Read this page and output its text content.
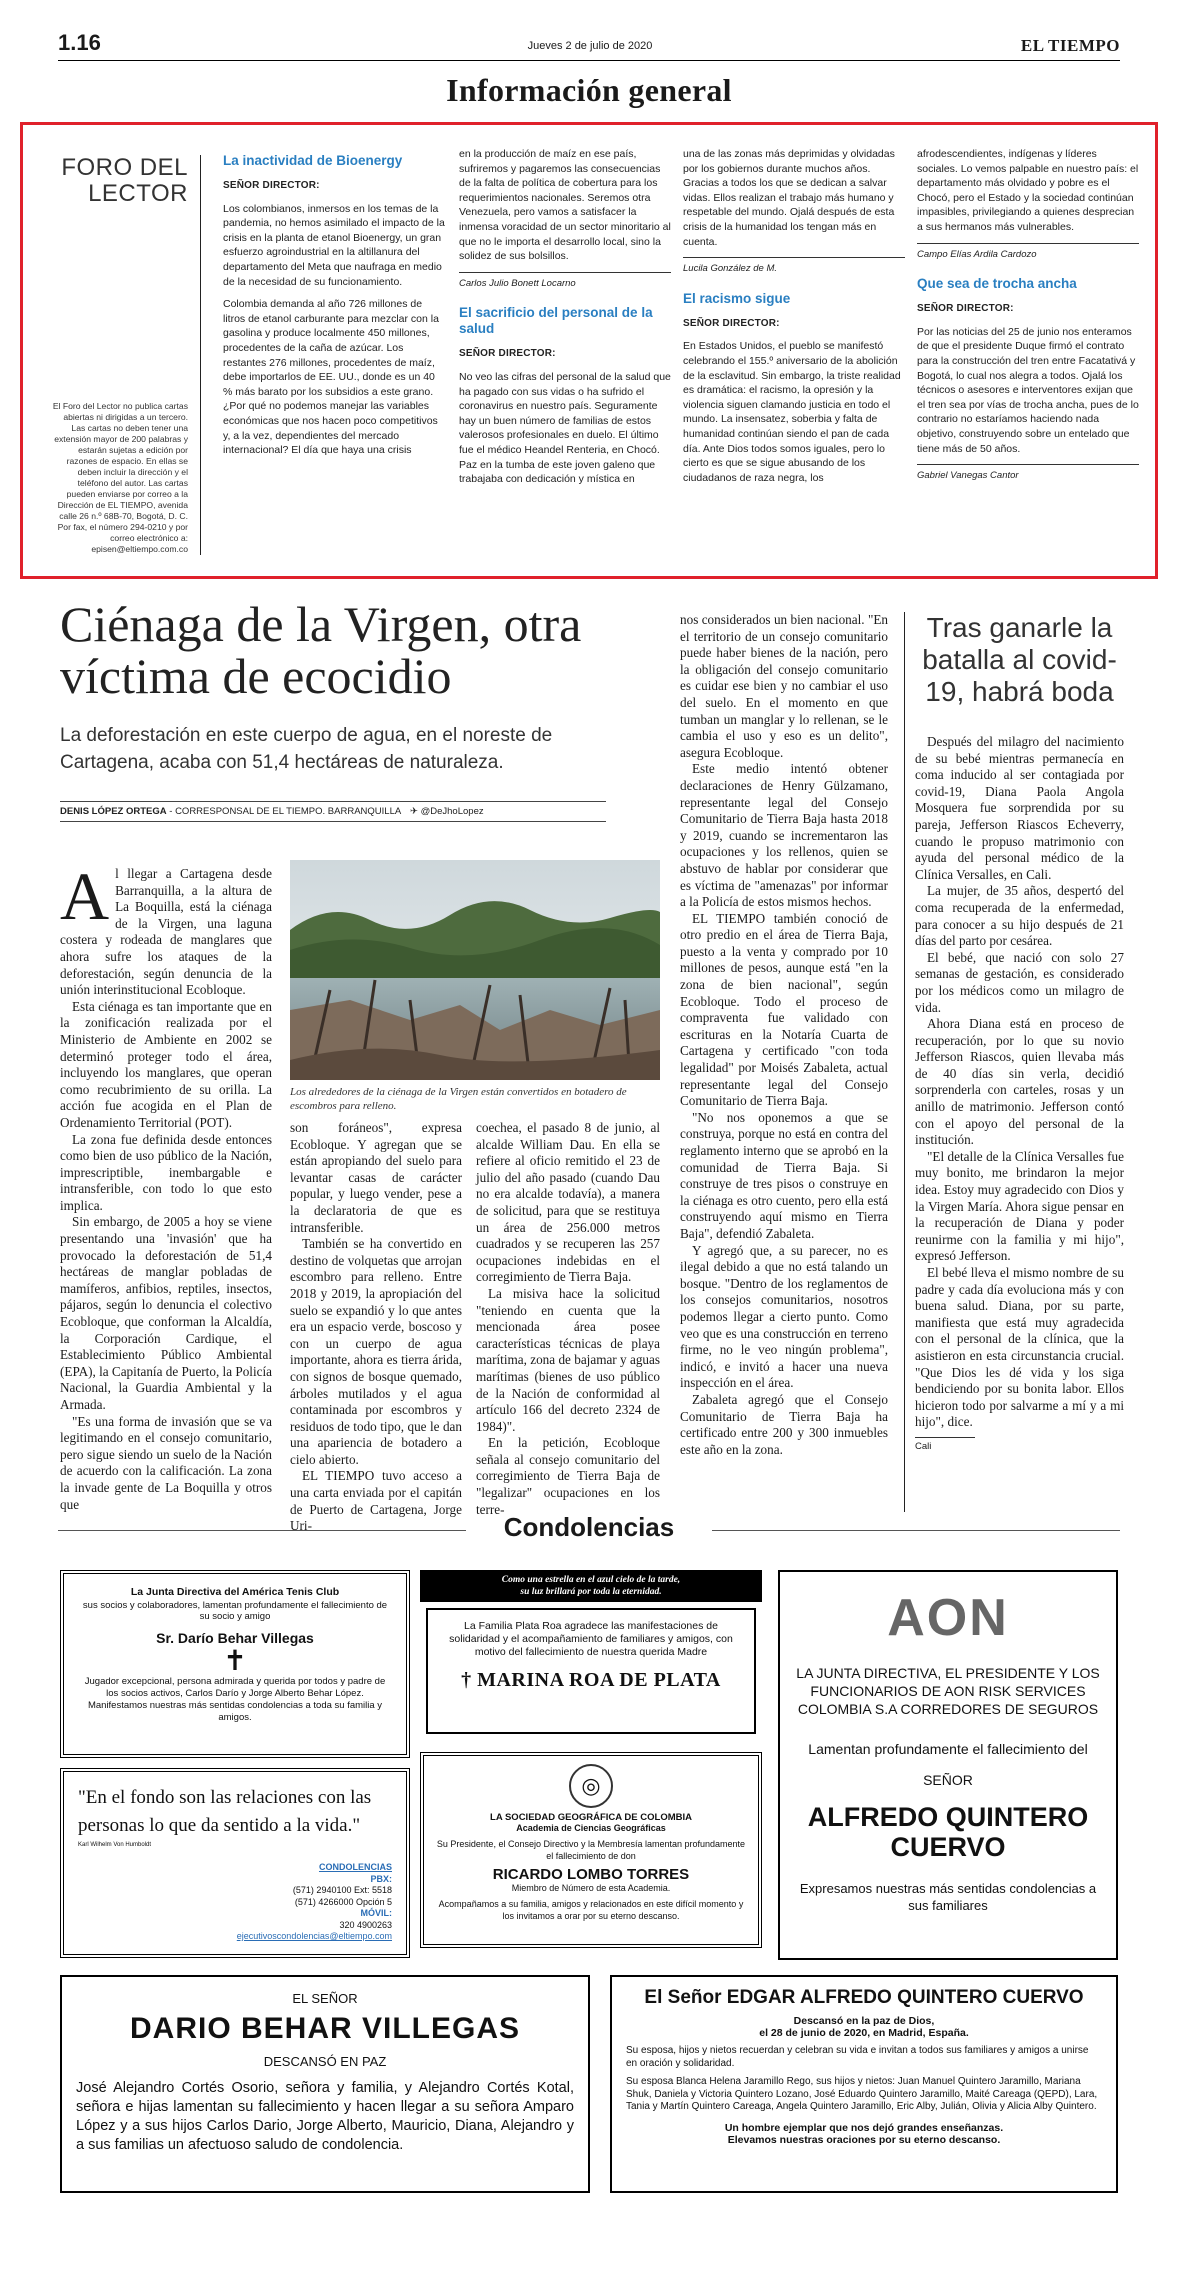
1.16	Jueves 2 de julio de 2020	EL TIEMPO
Información general
FORO DEL LECTOR
El Foro del Lector no publica cartas abiertas ni dirigidas a un tercero. Las cartas no deben tener una extensión mayor de 200 palabras y estarán sujetas a edición por razones de espacio. En ellas se deben incluir la dirección y el teléfono del autor. Las cartas pueden enviarse por correo a la Dirección de EL TIEMPO, avenida calle 26 n.º 68B-70, Bogotá, D. C. Por fax, el número 294-0210 y por correo electrónico a: episen@eltiempo.com.co
La inactividad de Bioenergy
SEÑOR DIRECTOR:

Los colombianos, inmersos en los temas de la pandemia, no hemos asimilado el impacto de la crisis en la planta de etanol Bioenergy, un gran esfuerzo agroindustrial en la altillanura del departamento del Meta que naufraga en medio de la necesidad de su funcionamiento.

Colombia demanda al año 726 millones de litros de etanol carburante para mezclar con la gasolina y produce localmente 450 millones, procedentes de la caña de azúcar. Los restantes 276 millones, procedentes de maíz, debe importarlos de EE. UU., donde es un 40 % más barato por los subsidios a este grano. ¿Por qué no podemos manejar las variables económicas que nos hacen poco competitivos y, a la vez, dependientes del mercado internacional? El día que haya una crisis

en la producción de maíz en ese país, sufriremos y pagaremos las consecuencias de la falta de política de cobertura para los requerimientos nacionales. Seremos otra Venezuela, pero vamos a satisfacer la inmensa voracidad de un sector minoritario al que no le importa el desarrollo local, sino la solidez de sus bolsillos.

Carlos Julio Bonett Locarno
El sacrificio del personal de la salud
SEÑOR DIRECTOR:

No veo las cifras del personal de la salud que ha pagado con sus vidas o ha sufrido el coronavirus en nuestro país. Seguramente hay un buen número de familias de estos valerosos profesionales en duelo. El último fue el médico Heandel Renteria, en Chocó. Paz en la tumba de este joven galeno que trabajaba con dedicación y mística en

una de las zonas más deprimidas y olvidadas por los gobiernos durante muchos años. Gracias a todos los que se dedican a salvar vidas. Ellos realizan el trabajo más humano y respetable del mundo. Ojalá después de esta crisis de la humanidad los tengan más en cuenta.

Lucila González de M.
El racismo sigue
SEÑOR DIRECTOR:

En Estados Unidos, el pueblo se manifestó celebrando el 155.º aniversario de la abolición de la esclavitud. Sin embargo, la triste realidad es dramática: el racismo, la opresión y la violencia siguen clamando justicia en todo el mundo. La insensatez, soberbia y falta de humanidad continúan siendo el pan de cada día. Ante Dios todos somos iguales, pero lo cierto es que se sigue abusando de los ciudadanos de raza negra, los

afrodescendientes, indígenas y líderes sociales. Lo vemos palpable en nuestro país: el departamento más olvidado y pobre es el Chocó, pero el Estado y la sociedad continúan impasibles, privilegiando a quienes desprecian a sus hermanos más vulnerables.

Campo Elías Ardila Cardozo
Que sea de trocha ancha
SEÑOR DIRECTOR:

Por las noticias del 25 de junio nos enteramos de que el presidente Duque firmó el contrato para la construcción del tren entre Facatativá y Bogotá, lo cual nos alegra a todos. Ojalá los técnicos o asesores e interventores exijan que el tren sea por vías de trocha ancha, pues de lo contrario no estaríamos haciendo nada objetivo, construyendo sobre un entelado que tiene más de 50 años.

Gabriel Vanegas Cantor
Ciénaga de la Virgen, otra víctima de ecocidio
La deforestación en este cuerpo de agua, en el noreste de Cartagena, acaba con 51,4 hectáreas de naturaleza.
DENIS LÓPEZ ORTEGA - CORRESPONSAL DE EL TIEMPO. BARRANQUILLA ✈ @DeJhoLopez

Al llegar a Cartagena desde Barranquilla, a la altura de La Boquilla, está la ciénaga de la Virgen, una laguna costera y rodeada de manglares que ahora sufre los ataques de la deforestación, según denuncia de la unión interinstitucional Ecobloque.

Esta ciénaga es tan importante que en la zonificación realizada por el Ministerio de Ambiente en 2002 se determinó proteger todo el área, incluyendo los manglares, que operan como recubrimiento de su orilla. La acción fue acogida en el Plan de Ordenamiento Territorial (POT).

La zona fue definida desde entonces como bien de uso público de la Nación, imprescriptible, inembargable e intransferible, con todo lo que esto implica.

Sin embargo, de 2005 a hoy se viene presentando una 'invasión' que ha provocado la deforestación de 51,4 hectáreas de manglar pobladas de mamíferos, anfibios, reptiles, insectos, pájaros, según lo denuncia el colectivo Ecobloque, que conforman la Alcaldía, la Corporación Cardique, el Establecimiento Público Ambiental (EPA), la Capitanía de Puerto, la Policía Nacional, la Guardia Ambiental y la Armada.

"Es una forma de invasión que se va legitimando en el consejo comunitario, pero sigue siendo un suelo de la Nación de acuerdo con la calificación. La zona la invade gente de La Boquilla y otros que

Los alrededores de la ciénaga de la Virgen están convertidos en botadero de escombros para relleno.

son foráneos", expresa Ecobloque. Y agregan que se están apropiando del suelo para levantar casas de carácter popular, y luego vender, pese a la declaratoria de que es intransferible.

También se ha convertido en destino de volquetas que arrojan escombro para relleno. Entre 2018 y 2019, la apropiación del suelo se expandió y lo que antes era un espacio verde, boscoso y con un cuerpo de agua importante, ahora es tierra árida, con signos de bosque quemado, árboles mutilados y el agua contaminada por escombros y residuos de todo tipo, que le dan una apariencia de botadero a cielo abierto.

EL TIEMPO tuvo acceso a una carta enviada por el capitán de Puerto de Cartagena, Jorge Uri-

coechea, el pasado 8 de junio, al alcalde William Dau. En ella se refiere al oficio remitido el 23 de julio del año pasado (cuando Dau no era alcalde todavía), a manera de solicitud, para que se restituya un área de 256.000 metros cuadrados y se recuperen las 257 ocupaciones indebidas en el corregimiento de Tierra Baja.

La misiva hace la solicitud "teniendo en cuenta que la mencionada área posee características técnicas de playa marítima, zona de bajamar y aguas marítimas (bienes de uso público de la Nación de conformidad al artículo 166 del decreto 2324 de 1984)".

En la petición, Ecobloque señala al consejo comunitario del corregimiento de Tierra Baja de "legalizar" ocupaciones en los terre-

nos considerados un bien nacional. "En el territorio de un consejo comunitario puede haber bienes de la nación, pero la obligación del consejo comunitario es cuidar ese bien y no cambiar el uso del suelo. En el momento en que tumban un manglar y lo rellenan, se le cambia el uso y eso es un delito", asegura Ecobloque.

Este medio intentó obtener declaraciones de Henry Gülzamano, representante legal del Consejo Comunitario de Tierra Baja hasta 2018 y 2019, cuando se incrementaron las ocupaciones y los rellenos, quien se abstuvo de hablar por considerar que es víctima de "amenazas" por informar a la Policía de estos mismos hechos.

EL TIEMPO también conoció de otro predio en el área de Tierra Baja, puesto a la venta y comprado por 10 millones de pesos, aunque está "en la zona de bien nacional", según Ecobloque. Todo el proceso de compraventa fue validado con escrituras en la Notaría Cuarta de Cartagena y certificado "con toda legalidad" por Moisés Zabaleta, actual representante legal del Consejo Comunitario de Tierra Baja.

"No nos oponemos a que se construya, porque no está en contra del reglamento interno que se aprobó en la comunidad de Tierra Baja. Si construye de tres pisos o construye en la ciénaga es otro cuento, pero ella está construyendo aquí mismo en Tierra Baja", defendió Zabaleta.

Y agregó que, a su parecer, no es ilegal debido a que no está talando un bosque. "Dentro de los reglamentos de los consejos comunitarios, nosotros podemos llegar a cierto punto. Como veo que es una construcción en terreno firme, no le veo ningún problema", indicó, e invitó a hacer una nueva inspección en el área.

Zabaleta agregó que el Consejo Comunitario de Tierra Baja ha certificado entre 200 y 300 inmuebles este año en la zona.

Tras ganarle la batalla al covid-19, habrá boda

Después del milagro del nacimiento de su bebé mientras permanecía en coma inducido al ser contagiada por covid-19, Diana Paola Angola Mosquera fue sorprendida por su pareja, Jefferson Riascos Echeverry, cuando le propuso matrimonio con ayuda del personal médico de la Clínica Versalles, en Cali.

La mujer, de 35 años, despertó del coma recuperada de la enfermedad, para conocer a su hijo después de 21 días del parto por cesárea.

El bebé, que nació con solo 27 semanas de gestación, es considerado por los médicos como un milagro de vida.

Ahora Diana está en proceso de recuperación, por lo que su novio Jefferson Riascos, quien llevaba más de 40 días sin verla, decidió sorprenderla con carteles, rosas y un anillo de matrimonio. Jefferson contó con el apoyo del personal de la institución.

"El detalle de la Clínica Versalles fue muy bonito, me brindaron la mejor idea. Estoy muy agradecido con Dios y la Virgen María. Ahora sigue pensar en la recuperación de Diana y poder reunirme con la familia y mi hijo", expresó Jefferson.

El bebé lleva el mismo nombre de su padre y cada día evoluciona más y con buena salud. Diana, por su parte, manifiesta que está muy agradecida con el personal de la clínica, que la asistieron en esta circunstancia crucial. "Que Dios les dé vida y los siga bendiciendo por su bonita labor. Ellos hicieron todo por salvarme a mí y a mi hijo", dice.

Cali
Condolencias
La Junta Directiva del América Tenis Club
sus socios y colaboradores, lamentan profundamente el fallecimiento de su socio y amigo
Sr. Darío Behar Villegas
✝
Jugador excepcional, persona admirada y querida por todos y padre de los socios activos, Carlos Darío y Jorge Alberto Behar López. Manifestamos nuestras más sentidas condolencias a toda su familia y amigos.
"En el fondo son las relaciones con las personas lo que da sentido a la vida."
Karl Wilhelm Von Humboldt
CONDOLENCIAS
PBX:
(571) 2940100 Ext: 5518
(571) 4266000 Opción 5
MÓVIL:
320 4900263
ejecutivoscondolencias@eltiempo.com
Como una estrella en el azul cielo de la tarde,
su luz brillará por toda la eternidad.
La Familia Plata Roa agradece las manifestaciones de solidaridad y el acompañamiento de familiares y amigos, con motivo del fallecimiento de nuestra querida Madre
† MARINA ROA DE PLATA
◎
LA SOCIEDAD GEOGRÁFICA DE COLOMBIA
Academia de Ciencias Geográficas
Su Presidente, el Consejo Directivo y la Membresía lamentan profundamente el fallecimiento de don
RICARDO LOMBO TORRES
Miembro de Número de esta Academia.
Acompañamos a su familia, amigos y relacionados en este difícil momento y los invitamos a orar por su eterno descanso.
AON
LA JUNTA DIRECTIVA, EL PRESIDENTE Y LOS FUNCIONARIOS DE AON RISK SERVICES COLOMBIA S.A CORREDORES DE SEGUROS
Lamentan profundamente el fallecimiento del
SEÑOR
ALFREDO QUINTERO CUERVO
Expresamos nuestras más sentidas condolencias a sus familiares
EL SEÑOR
DARIO BEHAR VILLEGAS
DESCANSÓ EN PAZ
José Alejandro Cortés Osorio, señora y familia, y Alejandro Cortés Kotal, señora e hijas lamentan su fallecimiento y hacen llegar a su señora Amparo López y a sus hijos Carlos Dario, Jorge Alberto, Mauricio, Diana, Alejandro y a sus familias un afectuoso saludo de condolencia.
El Señor EDGAR ALFREDO QUINTERO CUERVO
Descansó en la paz de Dios,
el 28 de junio de 2020, en Madrid, España.
Su esposa, hijos y nietos recuerdan y celebran su vida e invitan a todos sus familiares y amigos a unirse en oración y solidaridad.
Su esposa Blanca Helena Jaramillo Rego, sus hijos y nietos: Juan Manuel Quintero Jaramillo, Mariana Shuk, Daniela y Victoria Quintero Lozano, José Eduardo Quintero Jaramillo, Maité Careaga (QEPD), Lara, Tania y Martín Quintero Careaga, Angela Quintero Jaramillo, Eric Alby, Julián, Olivia y Alicia Alby Quintero.
Un hombre ejemplar que nos dejó grandes enseñanzas.
Elevamos nuestras oraciones por su eterno descanso.
